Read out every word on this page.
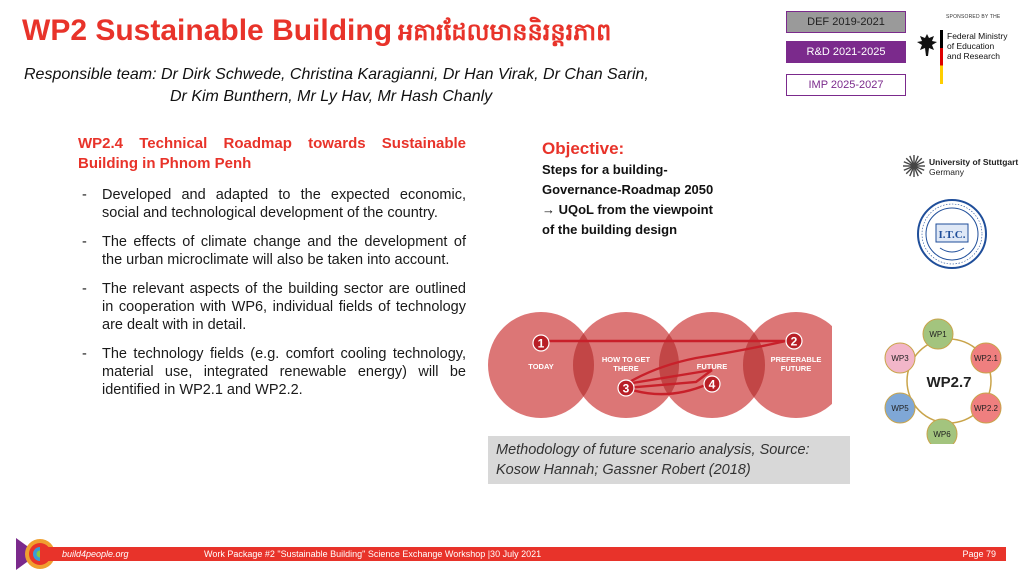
WP2 Sustainable Building អគារដែលមាននិរន្តរភាព
Responsible team: Dr Dirk Schwede, Christina Karagianni, Dr Han Virak, Dr Chan Sarin,
Dr Kim Bunthern, Mr Ly Hav, Mr Hash Chanly
DEF 2019-2021
R&D 2021-2025
IMP 2025-2027
SPONSORED BY THE
Federal Ministry
of Education
and Research
WP2.4 Technical Roadmap towards Sustainable Building in Phnom Penh
- Developed and adapted to the expected economic, social and technological development of the country.
- The effects of climate change and the development of the urban microclimate will also be taken into account.
- The relevant aspects of the building sector are outlined in cooperation with WP6, individual fields of technology are dealt with in detail.
- The technology fields (e.g. comfort cooling technology, material use, integrated renewable energy) will be identified in WP2.1 and WP2.2.
Objective:
Steps for a building-
Governance-Roadmap 2050
→ UQoL from the viewpoint
of the building design
University of Stuttgart
Germany
I.T.C.
TODAY
HOW TO GET THERE	FUTURE
PREFERABLE FUTURE
1	2
3	4	WP2.7
WP1
WP2.1
WP2.2
WP6
WP5
WP3
Methodology of future scenario analysis, Source: Kosow Hannah; Gassner Robert (2018)
build4people.org	Work Package #2 "Sustainable Building" Science Exchange Workshop |30 July 2021	Page 79
